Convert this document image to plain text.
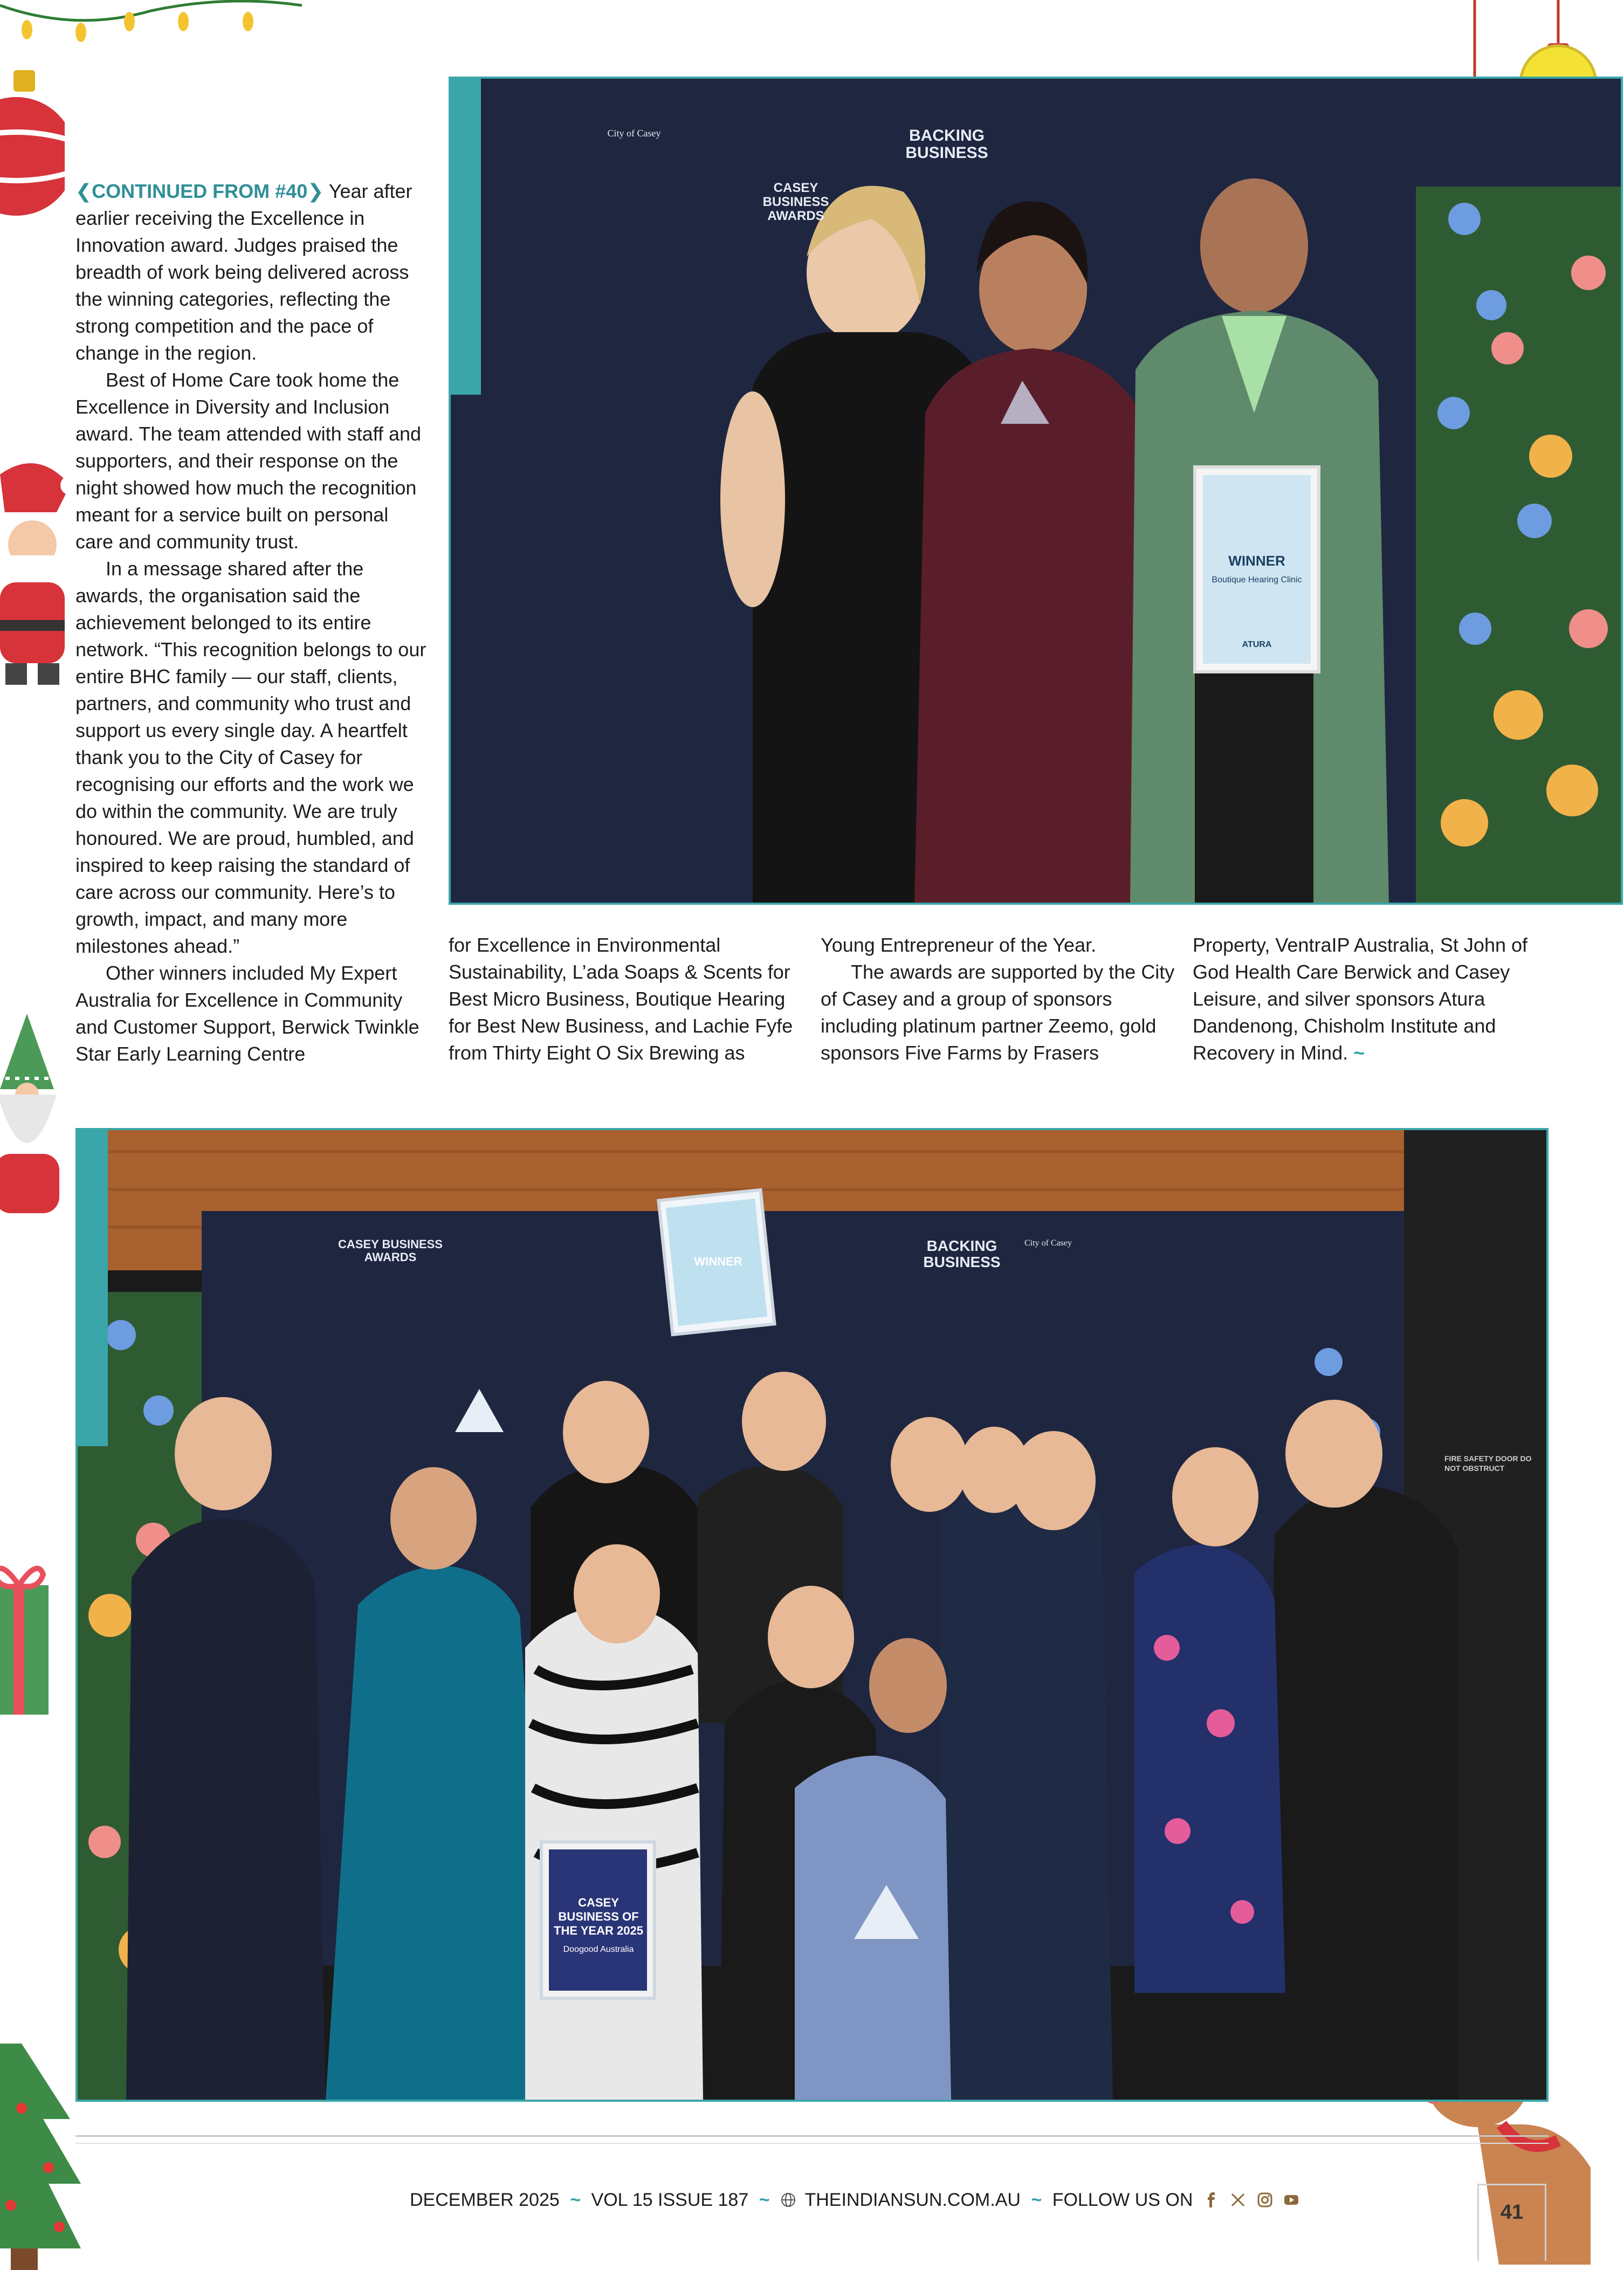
BACKING BUSINESS
CASEY BUSINESS AWARDS
City of Casey
WINNER
Boutique Hearing Clinic
ATURA

❮CONTINUED FROM #40❯ Year after earlier receiving the Excellence in Innovation award. Judges praised the breadth of work being delivered across the winning categories, reflecting the strong competition and the pace of change in the region.

Best of Home Care took home the Excellence in Diversity and Inclusion award. The team attended with staff and supporters, and their response on the night showed how much the recognition meant for a service built on personal care and community trust.

In a message shared after the awards, the organisation said the achievement belonged to its entire network. “This recognition belongs to our entire BHC family — our staff, clients, partners, and community who trust and support us every single day. A heartfelt thank you to the City of Casey for recognising our efforts and the work we do within the community. We are truly honoured. We are proud, humbled, and inspired to keep raising the standard of care across our community. Here’s to growth, impact, and many more milestones ahead.”

Other winners included My Expert Australia for Excellence in Community and Customer Support, Berwick Twinkle Star Early Learning Centre

for Excellence in Environmental Sustainability, L’ada Soaps & Scents for Best Micro Business, Boutique Hearing for Best New Business, and Lachie Fyfe from Thirty Eight O Six Brewing as

Young Entrepreneur of the Year.

The awards are supported by the City of Casey and a group of sponsors including platinum partner Zeemo, gold sponsors Five Farms by Frasers

Property, VentraIP Australia, St John of God Health Care Berwick and Casey Leisure, and silver sponsors Atura Dandenong, Chisholm Institute and Recovery in Mind. ~

WINNER
CASEY BUSINESS OF THE YEAR 2025
Doogood Australia
FIRE SAFETY DOOR DO NOT OBSTRUCT
BACKING BUSINESS
CASEY BUSINESS AWARDS
City of Casey
DECEMBER 2025 ~ VOL 15 ISSUE 187 ~ THEINDIANSUN.COM.AU ~ FOLLOW US ON
41
